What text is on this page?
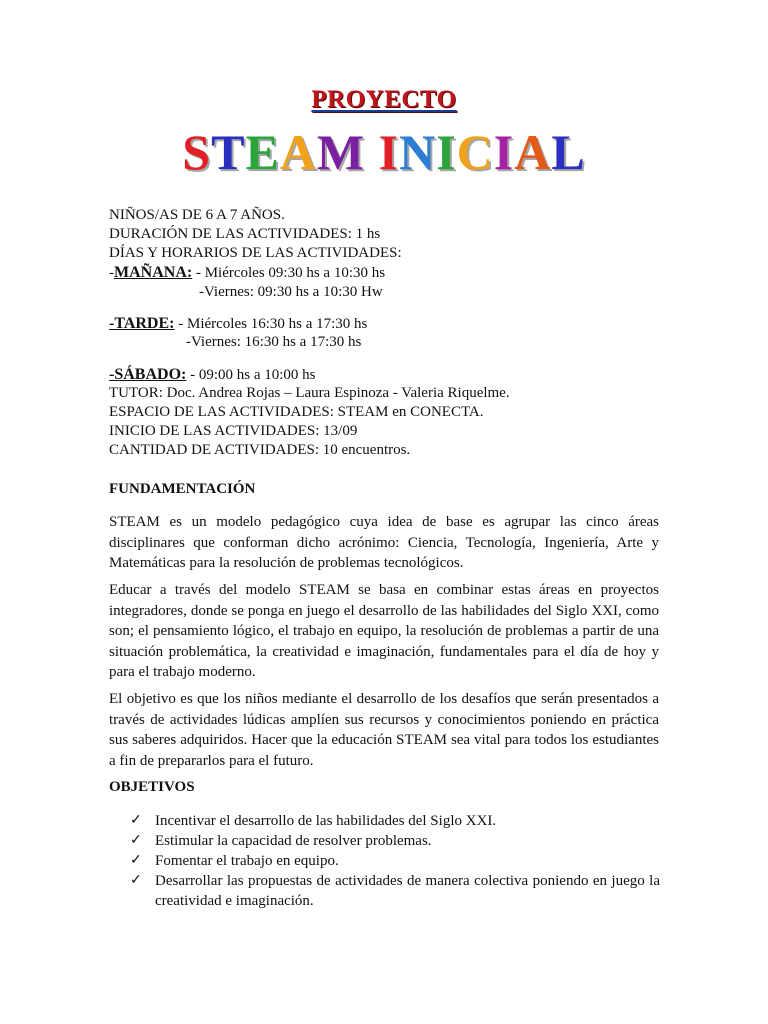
PROYECTO
STEAM INICIAL
NIÑOS/AS DE 6 A 7 AÑOS.
DURACIÓN DE LAS ACTIVIDADES: 1 hs
DÍAS Y HORARIOS DE LAS ACTIVIDADES:
-MAÑANA: - Miércoles 09:30 hs a 10:30 hs
-Viernes: 09:30 hs a 10:30 Hw
-TARDE: - Miércoles 16:30 hs a 17:30 hs
-Viernes: 16:30 hs a 17:30 hs
-SÁBADO: - 09:00 hs a 10:00 hs
TUTOR: Doc. Andrea Rojas – Laura Espinoza - Valeria Riquelme.
ESPACIO DE LAS ACTIVIDADES: STEAM en CONECTA.
INICIO DE LAS ACTIVIDADES: 13/09
CANTIDAD DE ACTIVIDADES: 10 encuentros.
FUNDAMENTACIÓN
STEAM es un modelo pedagógico cuya idea de base es agrupar las cinco áreas disciplinares que conforman dicho acrónimo: Ciencia, Tecnología, Ingeniería, Arte y Matemáticas para la resolución de problemas tecnológicos.
Educar a través del modelo STEAM se basa en combinar estas áreas en proyectos integradores, donde se ponga en juego el desarrollo de las habilidades del Siglo XXI, como son; el pensamiento lógico, el trabajo en equipo, la resolución de problemas a partir de una situación problemática, la creatividad e imaginación, fundamentales para el día de hoy y para el trabajo moderno.
El objetivo es que los niños mediante el desarrollo de los desafíos que serán presentados a través de actividades lúdicas amplíen sus recursos y conocimientos poniendo en práctica sus saberes adquiridos. Hacer que la educación STEAM sea vital para todos los estudiantes a fin de prepararlos para el futuro.
OBJETIVOS
✓ Incentivar el desarrollo de las habilidades del Siglo XXI.
✓ Estimular la capacidad de resolver problemas.
✓ Fomentar el trabajo en equipo.
✓ Desarrollar las propuestas de actividades de manera colectiva poniendo en juego la creatividad e imaginación.
